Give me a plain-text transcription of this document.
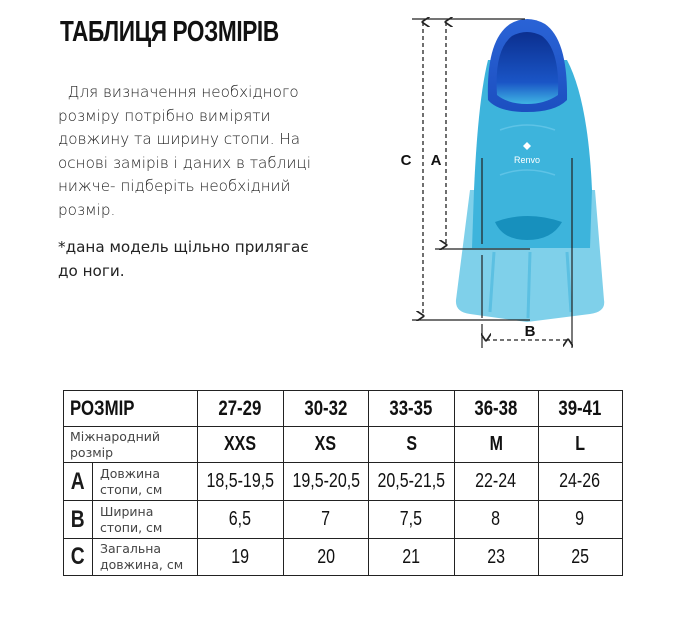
ТАБЛИЦЯ РОЗМІРІВ

Для визначення необхідного

розміру потрібно виміряти

довжину та ширину стопи. На

основі замірів і даних в таблиці

нижче- підберіть необхідний

розмір.

*дана модель щільно прилягає
до ноги.
Renvo
C A
B
РОЗМІР		27-29	30-32	33-35	36-38	39-41

Міжнародний
розмір		XXS	XS	S	M	L
A	Довжина
стопи, см	18,5-19,5	19,5-20,5	20,5-21,5	22-24	24-26
B	Ширина
стопи, см	6,5	7	7,5	8	9
C	Загальна
довжина, см	19	20	21	23	25
